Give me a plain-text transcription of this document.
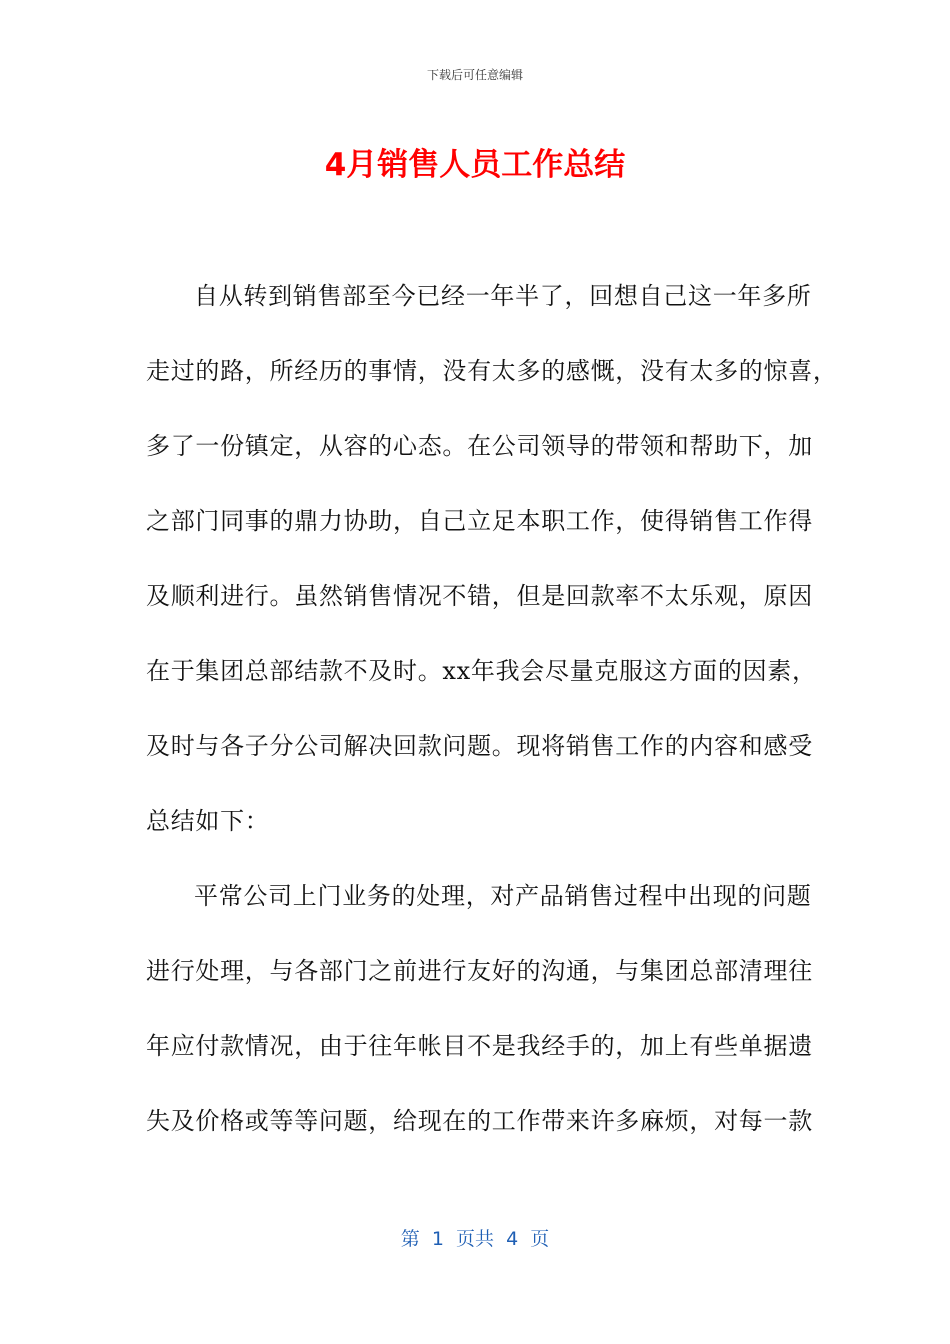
下载后可任意编辑
4月销售人员工作总结
自从转到销售部至今已经一年半了，回想自己这一年多所
走过的路，所经历的事情，没有太多的感慨，没有太多的惊喜，
多了一份镇定，从容的心态。在公司领导的带领和帮助下，加
之部门同事的鼎力协助，自己立足本职工作，使得销售工作得
及顺利进行。虽然销售情况不错，但是回款率不太乐观，原因
在于集团总部结款不及时。xx年我会尽量克服这方面的因素，
及时与各子分公司解决回款问题。现将销售工作的内容和感受
总结如下：
平常公司上门业务的处理，对产品销售过程中出现的问题
进行处理，与各部门之前进行友好的沟通，与集团总部清理往
年应付款情况，由于往年帐目不是我经手的，加上有些单据遗
失及价格或等等问题，给现在的工作带来许多麻烦，对每一款
第  1  页共  4  页
